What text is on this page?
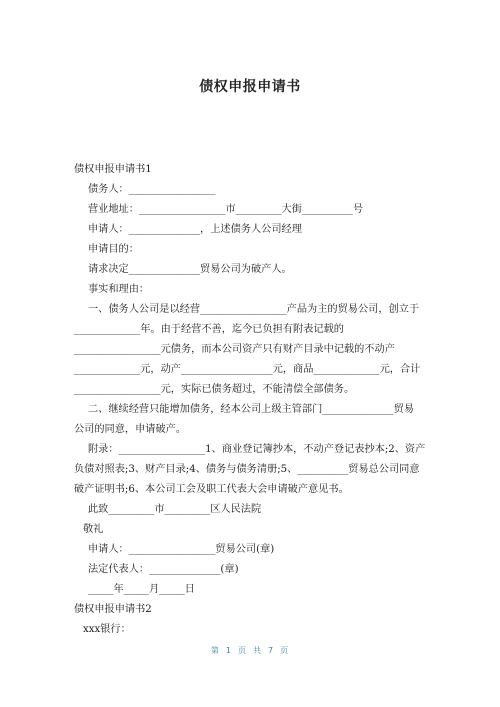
债权申报申请书
债权申报申请书1
债务人：_________________
营业地址：_________________市_________大街__________号
申请人：______________，上述债务人公司经理
申请目的：
请求决定______________贸易公司为破产人。
事实和理由：
一、债务人公司是以经营_________________产品为主的贸易公司，创立于
_____________年。由于经营不善，迄今已负担有附表记载的
_________________元债务，而本公司资产只有财产目录中记载的不动产
_____________元，动产__________________元，商品_____________元，合计
_________________元，实际已债务超过，不能清偿全部债务。
二、继续经营只能增加债务，经本公司上级主管部门______________贸易
公司的同意，申请破产。
附录：_________________1、商业登记簿抄本，不动产登记表抄本;2、资产
负债对照表;3、财产目录;4、债务与债务清册;5、__________贸易总公司同意
破产证明书;6、本公司工会及职工代表大会申请破产意见书。
此致_________市_________区人民法院
敬礼
申请人：_________________贸易公司(章)
法定代表人：______________(章)
_____年_____月_____日
债权申报申请书2
xxx银行：
第 1 页 共 7 页
